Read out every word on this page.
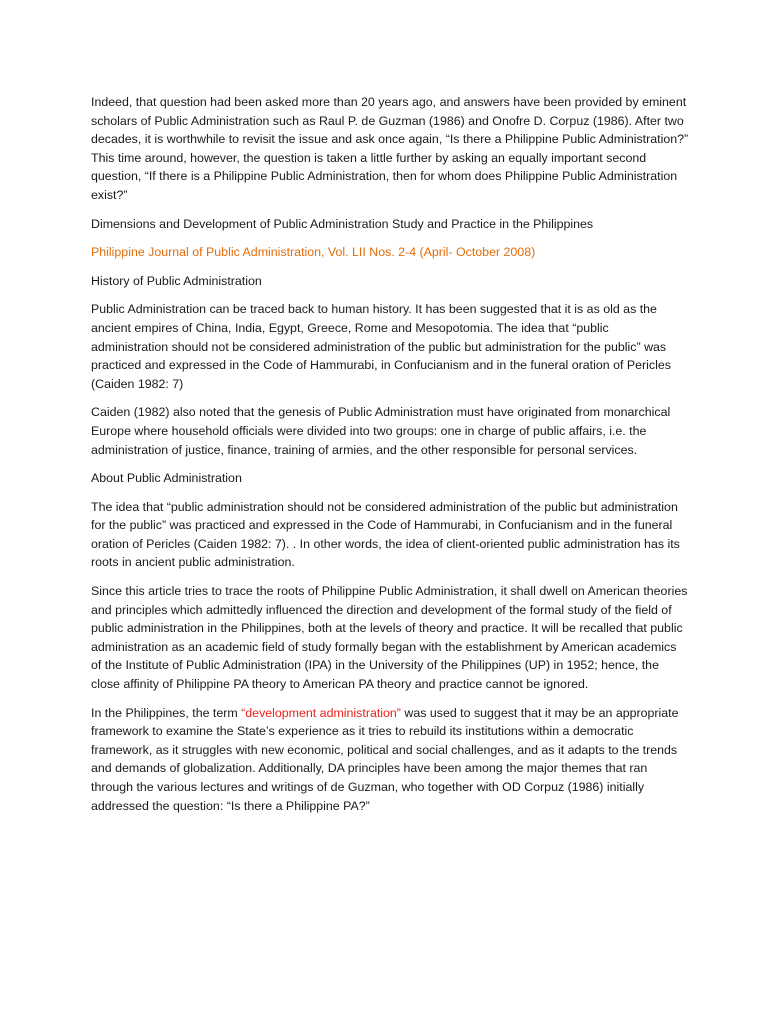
Indeed, that question had been asked more than 20 years ago, and answers have been provided by eminent scholars of Public Administration such as Raul P. de Guzman (1986) and Onofre D. Corpuz (1986). After two decades, it is worthwhile to revisit the issue and ask once again, “Is there a Philippine Public Administration?” This time around, however, the question is taken a little further by asking an equally important second question, “If there is a Philippine Public Administration, then for whom does Philippine Public Administration exist?”

Dimensions and Development of Public Administration Study and Practice in the Philippines

Philippine Journal of Public Administration, Vol. LII Nos. 2-4 (April- October 2008)

History of Public Administration

Public Administration can be traced back to human history. It has been suggested that it is as old as the ancient empires of China, India, Egypt, Greece, Rome and Mesopotomia. The idea that “public administration should not be considered administration of the public but administration for the public” was practiced and expressed in the Code of Hammurabi, in Confucianism and in the funeral oration of Pericles (Caiden 1982: 7)

Caiden (1982) also noted that the genesis of Public Administration must have originated from monarchical Europe where household officials were divided into two groups: one in charge of public affairs, i.e. the administration of justice, finance, training of armies, and the other responsible for personal services.

About Public Administration

The idea that “public administration should not be considered administration of the public but administration for the public” was practiced and expressed in the Code of Hammurabi, in Confucianism and in the funeral oration of Pericles (Caiden 1982: 7). . In other words, the idea of client-oriented public administration has its roots in ancient public administration.

Since this article tries to trace the roots of Philippine Public Administration, it shall dwell on American theories and principles which admittedly influenced the direction and development of the formal study of the field of public administration in the Philippines, both at the levels of theory and practice. It will be recalled that public administration as an academic field of study formally began with the establishment by American academics of the Institute of Public Administration (IPA) in the University of the Philippines (UP) in 1952; hence, the close affinity of Philippine PA theory to American PA theory and practice cannot be ignored.

In the Philippines, the term “development administration” was used to suggest that it may be an appropriate framework to examine the State’s experience as it tries to rebuild its institutions within a democratic framework, as it struggles with new economic, political and social challenges, and as it adapts to the trends and demands of globalization. Additionally, DA principles have been among the major themes that ran through the various lectures and writings of de Guzman, who together with OD Corpuz (1986) initially addressed the question: “Is there a Philippine PA?”
